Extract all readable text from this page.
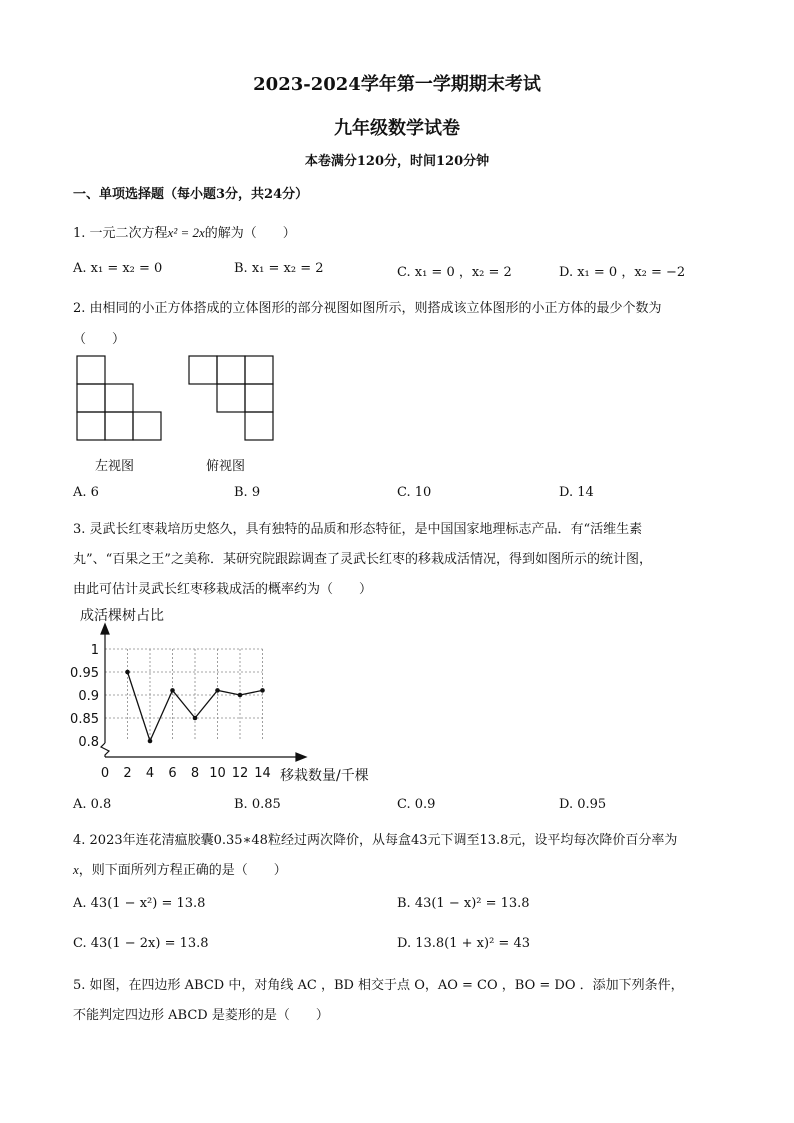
2023-2024学年第一学期期末考试
九年级数学试卷
本卷满分120分，时间120分钟
一、单项选择题（每小题3分，共24分）
1. 一元二次方程x² = 2x的解为（　　）
A. x₁ = x₂ = 0	B. x₁ = x₂ = 2	C. x₁ = 0 ，x₂ = 2	D. x₁ = 0 ，x₂ = −2
2. 由相同的小正方体搭成的立体图形的部分视图如图所示，则搭成该立体图形的小正方体的最少个数为
（　　）
左视图	俯视图
A. 6	B. 9	C. 10	D. 14
3. 灵武长红枣栽培历史悠久，具有独特的品质和形态特征，是中国国家地理标志产品．有“活维生素
丸”、“百果之王”之美称．某研究院跟踪调查了灵武长红枣的移栽成活情况，得到如图所示的统计图，
由此可估计灵武长红枣移栽成活的概率约为（　　）
成活棵树占比
移栽数量/千棵
0 2 4 6 8 10 12 14
0.8
0.85
0.9
0.95
1
A. 0.8	B. 0.85	C. 0.9	D. 0.95
4. 2023年连花清瘟胶囊0.35∗48粒经过两次降价，从每盒43元下调至13.8元，设平均每次降价百分率为
x，则下面所列方程正确的是（　　）
A. 43(1 − x²) = 13.8	B. 43(1 − x)² = 13.8
C. 43(1 − 2x) = 13.8	D. 13.8(1 + x)² = 43
5. 如图，在四边形 ABCD 中，对角线 AC ，BD 相交于点 O，AO = CO ，BO = DO ．添加下列条件，
不能判定四边形 ABCD 是菱形的是（　　）
